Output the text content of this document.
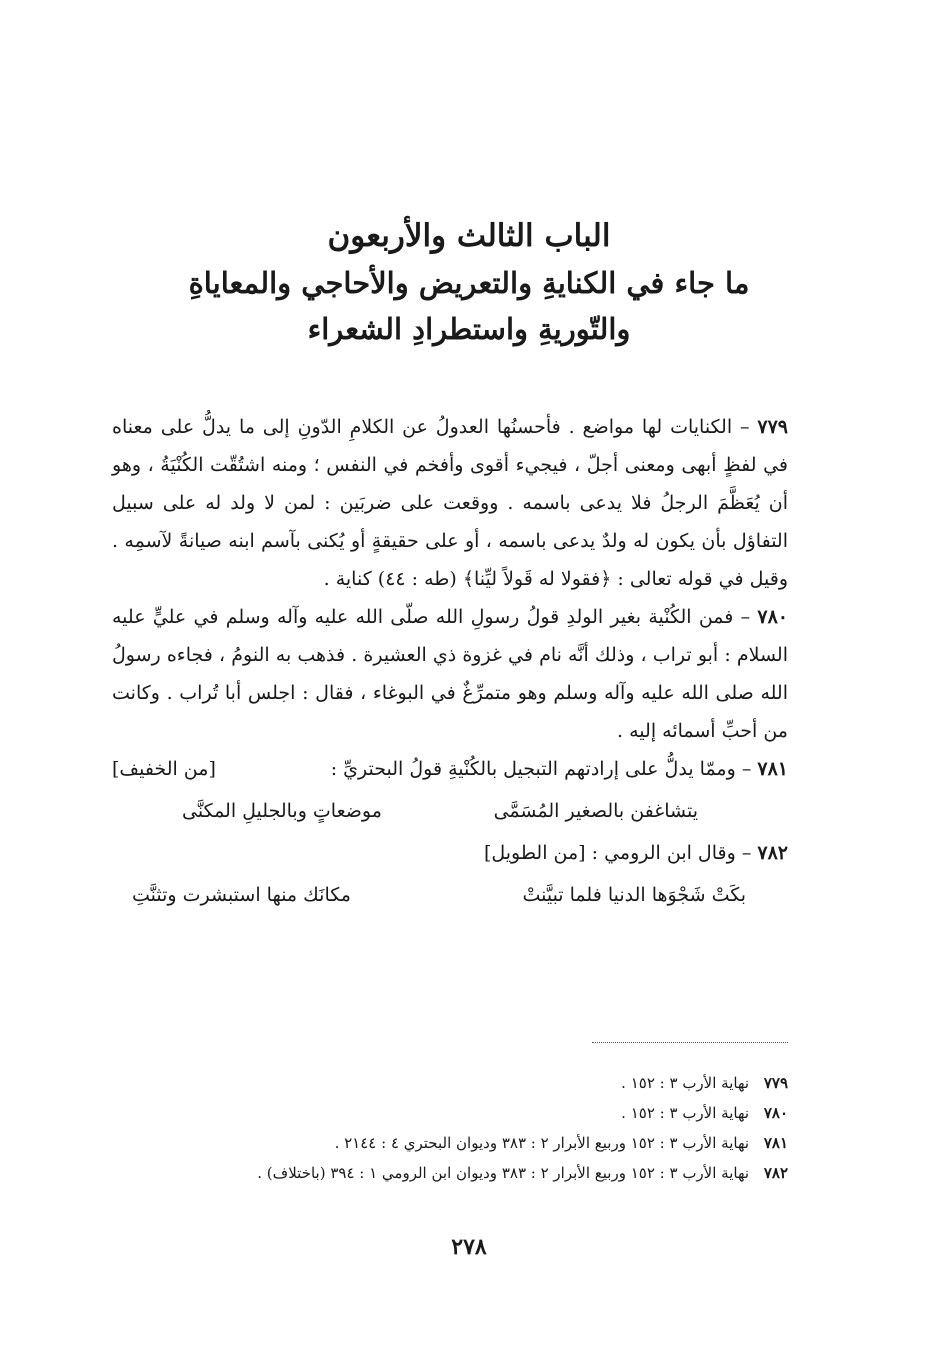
الباب الثالث والأربعون
ما جاء في الكنايةِ والتعريض والأحاجي والمعاياةِ
والتّوريةِ واستطرادِ الشعراء

٧٧٩ – الكنايات لها مواضع . فأحسنُها العدولُ عن الكلامِ الدّونِ إلى ما يدلُّ على معناه في لفظٍ أبهى ومعنى أجلّ ، فيجيء أقوى وأفخم في النفس ؛ ومنه اشتُقّت الكُنْيَةُ ، وهو أن يُعَظَّمَ الرجلُ فلا يدعى باسمه . ووقعت على ضربَين : لمن لا ولد له على سبيل التفاؤل بأن يكون له ولدٌ يدعى باسمه ، أو على حقيقةٍ أو يُكنى بآسم ابنه صيانةً لآسمِه . وقيل في قوله تعالى : ﴿فقولا له قَولاً ليِّنا﴾ (طه : ٤٤) كناية .

٧٨٠ – فمن الكُنْية بغير الولدِ قولُ رسولِ الله صلّى الله عليه وآله وسلم في عليٍّ عليه السلام : أبو تراب ، وذلك أنَّه نام في غزوة ذي العشيرة . فذهب به النومُ ، فجاءه رسولُ الله صلى الله عليه وآله وسلم وهو متمرِّغٌ في البوغاء ، فقال : اجلس أبا تُراب . وكانت من أحبِّ أسمائه إليه .

٧٨١ – وممّا يدلُّ على إرادتهم التبجيل بالكُنْيةِ قولُ البحتريِّ :
[من الخفيف]

يتشاغفن بالصغير المُسَمَّى
موضعاتٍ وبالجليلِ المكنَّى

٧٨٢ – وقال ابن الرومي : [من الطويل]

بكَتْ شَجْوَها الدنيا فلما تبيَّنتْ
مكانَك منها استبشرت وتثنَّتِ
٧٧٩ نهاية الأرب ٣ : ١٥٢ .
٧٨٠ نهاية الأرب ٣ : ١٥٢ .
٧٨١ نهاية الأرب ٣ : ١٥٢ وربيع الأبرار ٢ : ٣٨٣ وديوان البحتري ٤ : ٢١٤٤ .
٧٨٢ نهاية الأرب ٣ : ١٥٢ وربيع الأبرار ٢ : ٣٨٣ وديوان ابن الرومي ١ : ٣٩٤ (باختلاف) .
٢٧٨
